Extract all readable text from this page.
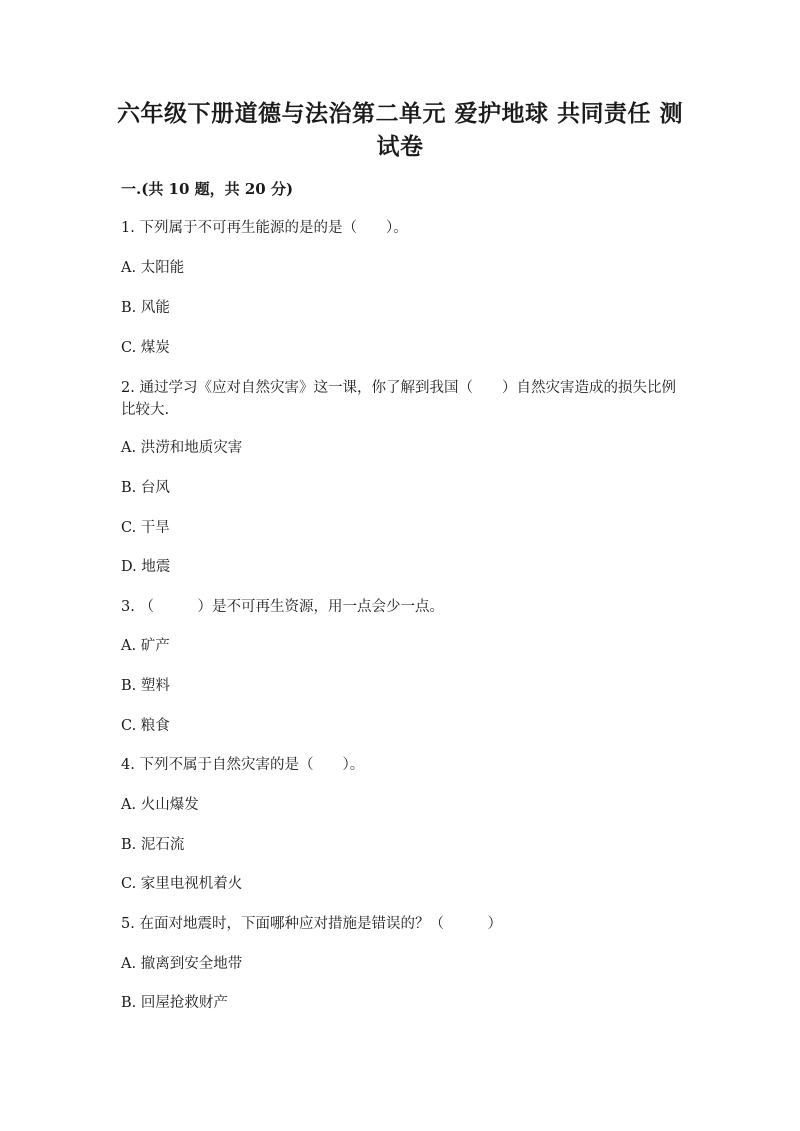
六年级下册道德与法治第二单元 爱护地球 共同责任 测试卷
一.(共 10 题，共 20 分)
1. 下列属于不可再生能源的是的是（　　）。
A. 太阳能
B. 风能
C. 煤炭
2. 通过学习《应对自然灾害》这一课，你了解到我国（　　）自然灾害造成的损失比例比较大.
A. 洪涝和地质灾害
B. 台风
C. 干旱
D. 地震
3. （　　　）是不可再生资源，用一点会少一点。
A. 矿产
B. 塑料
C. 粮食
4. 下列不属于自然灾害的是（　　）。
A. 火山爆发
B. 泥石流
C. 家里电视机着火
5. 在面对地震时，下面哪种应对措施是错误的？（　　　）
A. 撤离到安全地带
B. 回屋抢救财产
